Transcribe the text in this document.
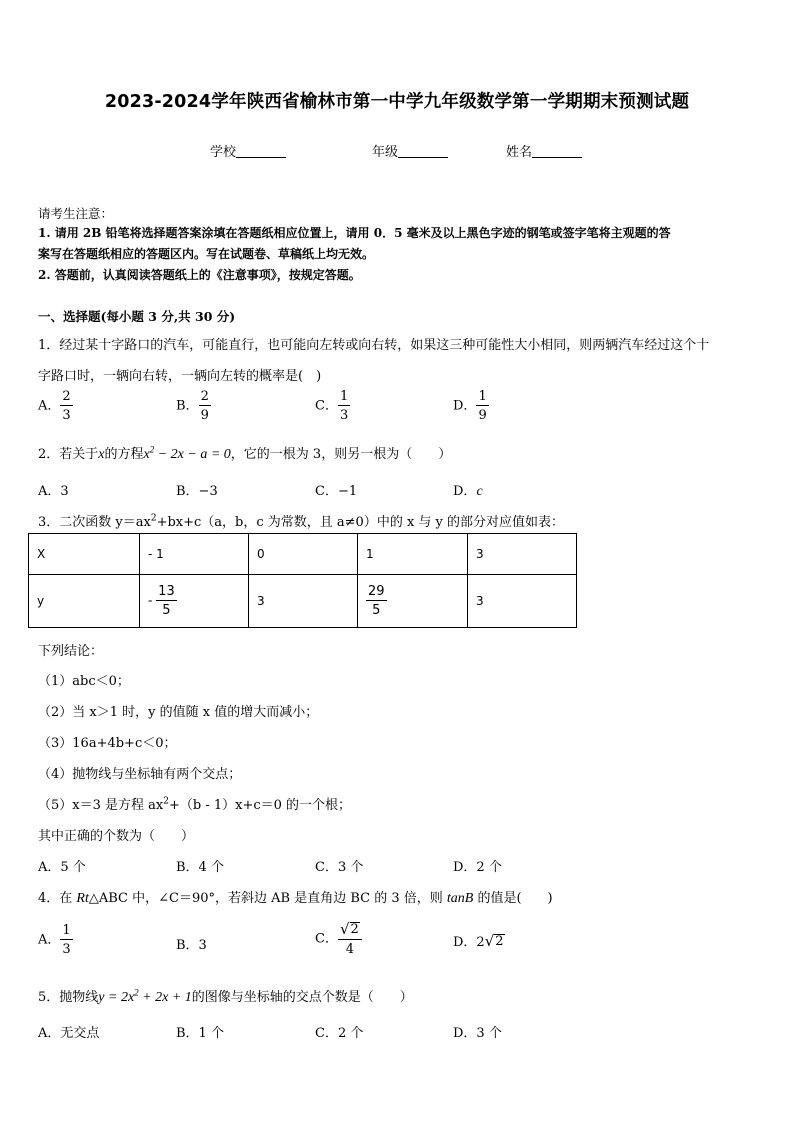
2023-2024学年陕西省榆林市第一中学九年级数学第一学期期末预测试题
学校	年级	姓名
请考生注意：
1. 请用 2B 铅笔将选择题答案涂填在答题纸相应位置上，请用 0．5 毫米及以上黑色字迹的钢笔或签字笔将主观题的答
案写在答题纸相应的答题区内。写在试题卷、草稿纸上均无效。
2. 答题前，认真阅读答题纸上的《注意事项》，按规定答题。
一、选择题(每小题 3 分,共 30 分)
1．经过某十字路口的汽车，可能直行，也可能向左转或向右转，如果这三种可能性大小相同，则两辆汽车经过这个十
字路口时，一辆向右转，一辆向左转的概率是(　)
A． $\frac{2}{3}$	B． $\frac{2}{9}$	C． $\frac{1}{3}$	D． $\frac{1}{9}$
2．若关于x的方程$x^2 - 2x - a = 0$，它的一根为 3，则另一根为（　　）
A．3	B．−3	C．−1	D．c
3．二次函数 $y=ax^2+bx+c(a$，b，c 为常数，且 a≠0）中的 x 与 y 的部分对应值如表：
X	- 1	0	1	3
y	- $\frac{13}{5}$	3	$\frac{29}{5}$	3
下列结论：
（1）abc＜0；
（2）当 x＞1 时，y 的值随 x 值的增大而减小；
（3）16a+4b+c＜0；
（4）抛物线与坐标轴有两个交点；
（5）x＝3 是方程 $ax^2+(b - 1)x+c=0$ 的一个根；
其中正确的个数为（　　）
A．5 个	B．4 个	C．3 个	D．2 个
4．在 Rt△ABC 中，∠C＝90°，若斜边 AB 是直角边 BC 的 3 倍，则 tanB 的值是(　　)
A． $\frac{1}{3}$	B．3	C． $\frac{√ 2}{4}$	D．2 √ 2
5．抛物线$y = 2x^2 + 2x + 1$的图像与坐标轴的交点个数是（　　）
A．无交点	B．1 个	C．2 个	D．3 个
